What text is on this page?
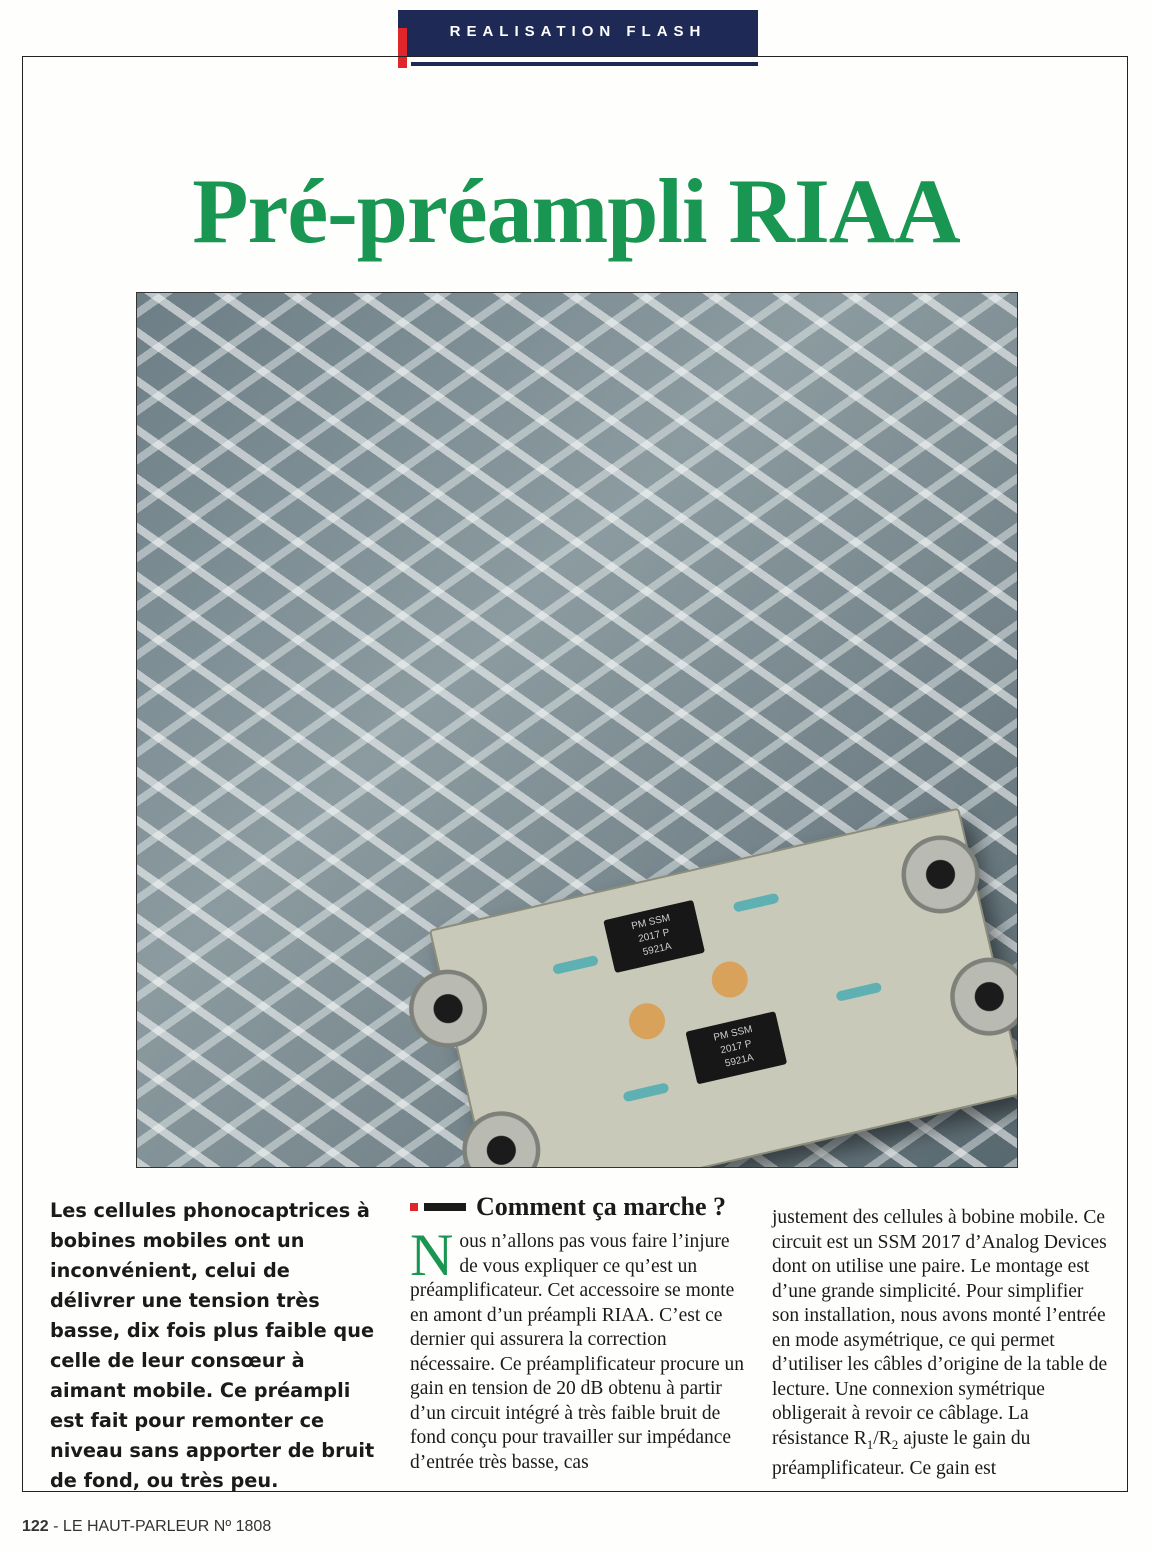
REALISATION FLASH
Pré-préampli RIAA
PM SSM
2017 P
5921A
PM SSM
2017 P
5921A

Les cellules phonocaptrices à bobines mobiles ont un inconvénient, celui de délivrer une tension très basse, dix fois plus faible que celle de leur consœur à aimant mobile. Ce préampli est fait pour remonter ce niveau sans apporter de bruit de fond, ou très peu.

Comment ça marche ?

Nous n’allons pas vous faire l’injure de vous expliquer ce qu’est un préamplificateur. Cet accessoire se monte en amont d’un préampli RIAA. C’est ce dernier qui assurera la correction nécessaire. Ce préamplificateur procure un gain en tension de 20 dB obtenu à partir d’un circuit intégré à très faible bruit de fond conçu pour travailler sur impédance d’entrée très basse, cas

justement des cellules à bobine mobile. Ce circuit est un SSM 2017 d’Analog Devices dont on utilise une paire. Le montage est d’une grande simplicité. Pour simplifier son installation, nous avons monté l’entrée en mode asymétrique, ce qui permet d’utiliser les câbles d’origine de la table de lecture. Une connexion symétrique obligerait à revoir ce câblage. La résistance $R_1/R_2$ ajuste le gain du préamplificateur. Ce gain est

122 - LE HAUT-PARLEUR Nº 1808
